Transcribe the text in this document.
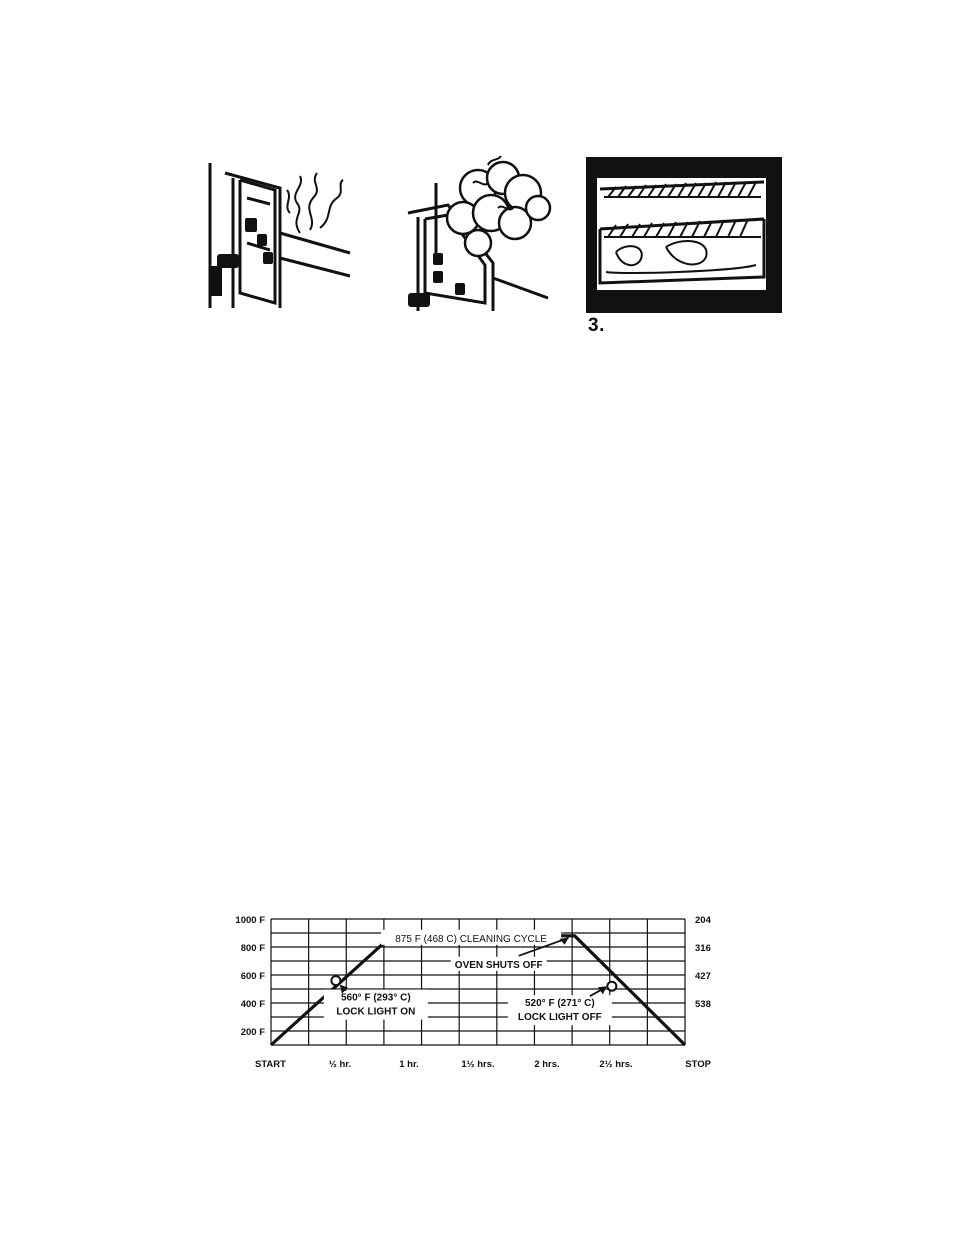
3.
200 F
400 F
600 F
800 F
1000 F	204
316
427
538
START	½ hr.	1 hr.	1½ hrs.	2 hrs.	2½ hrs.	STOP
875 F (468 C) CLEANING CYCLE
OVEN SHUTS OFF
560° F (293° C)
LOCK LIGHT ON
520° F (271° C)
LOCK LIGHT OFF
